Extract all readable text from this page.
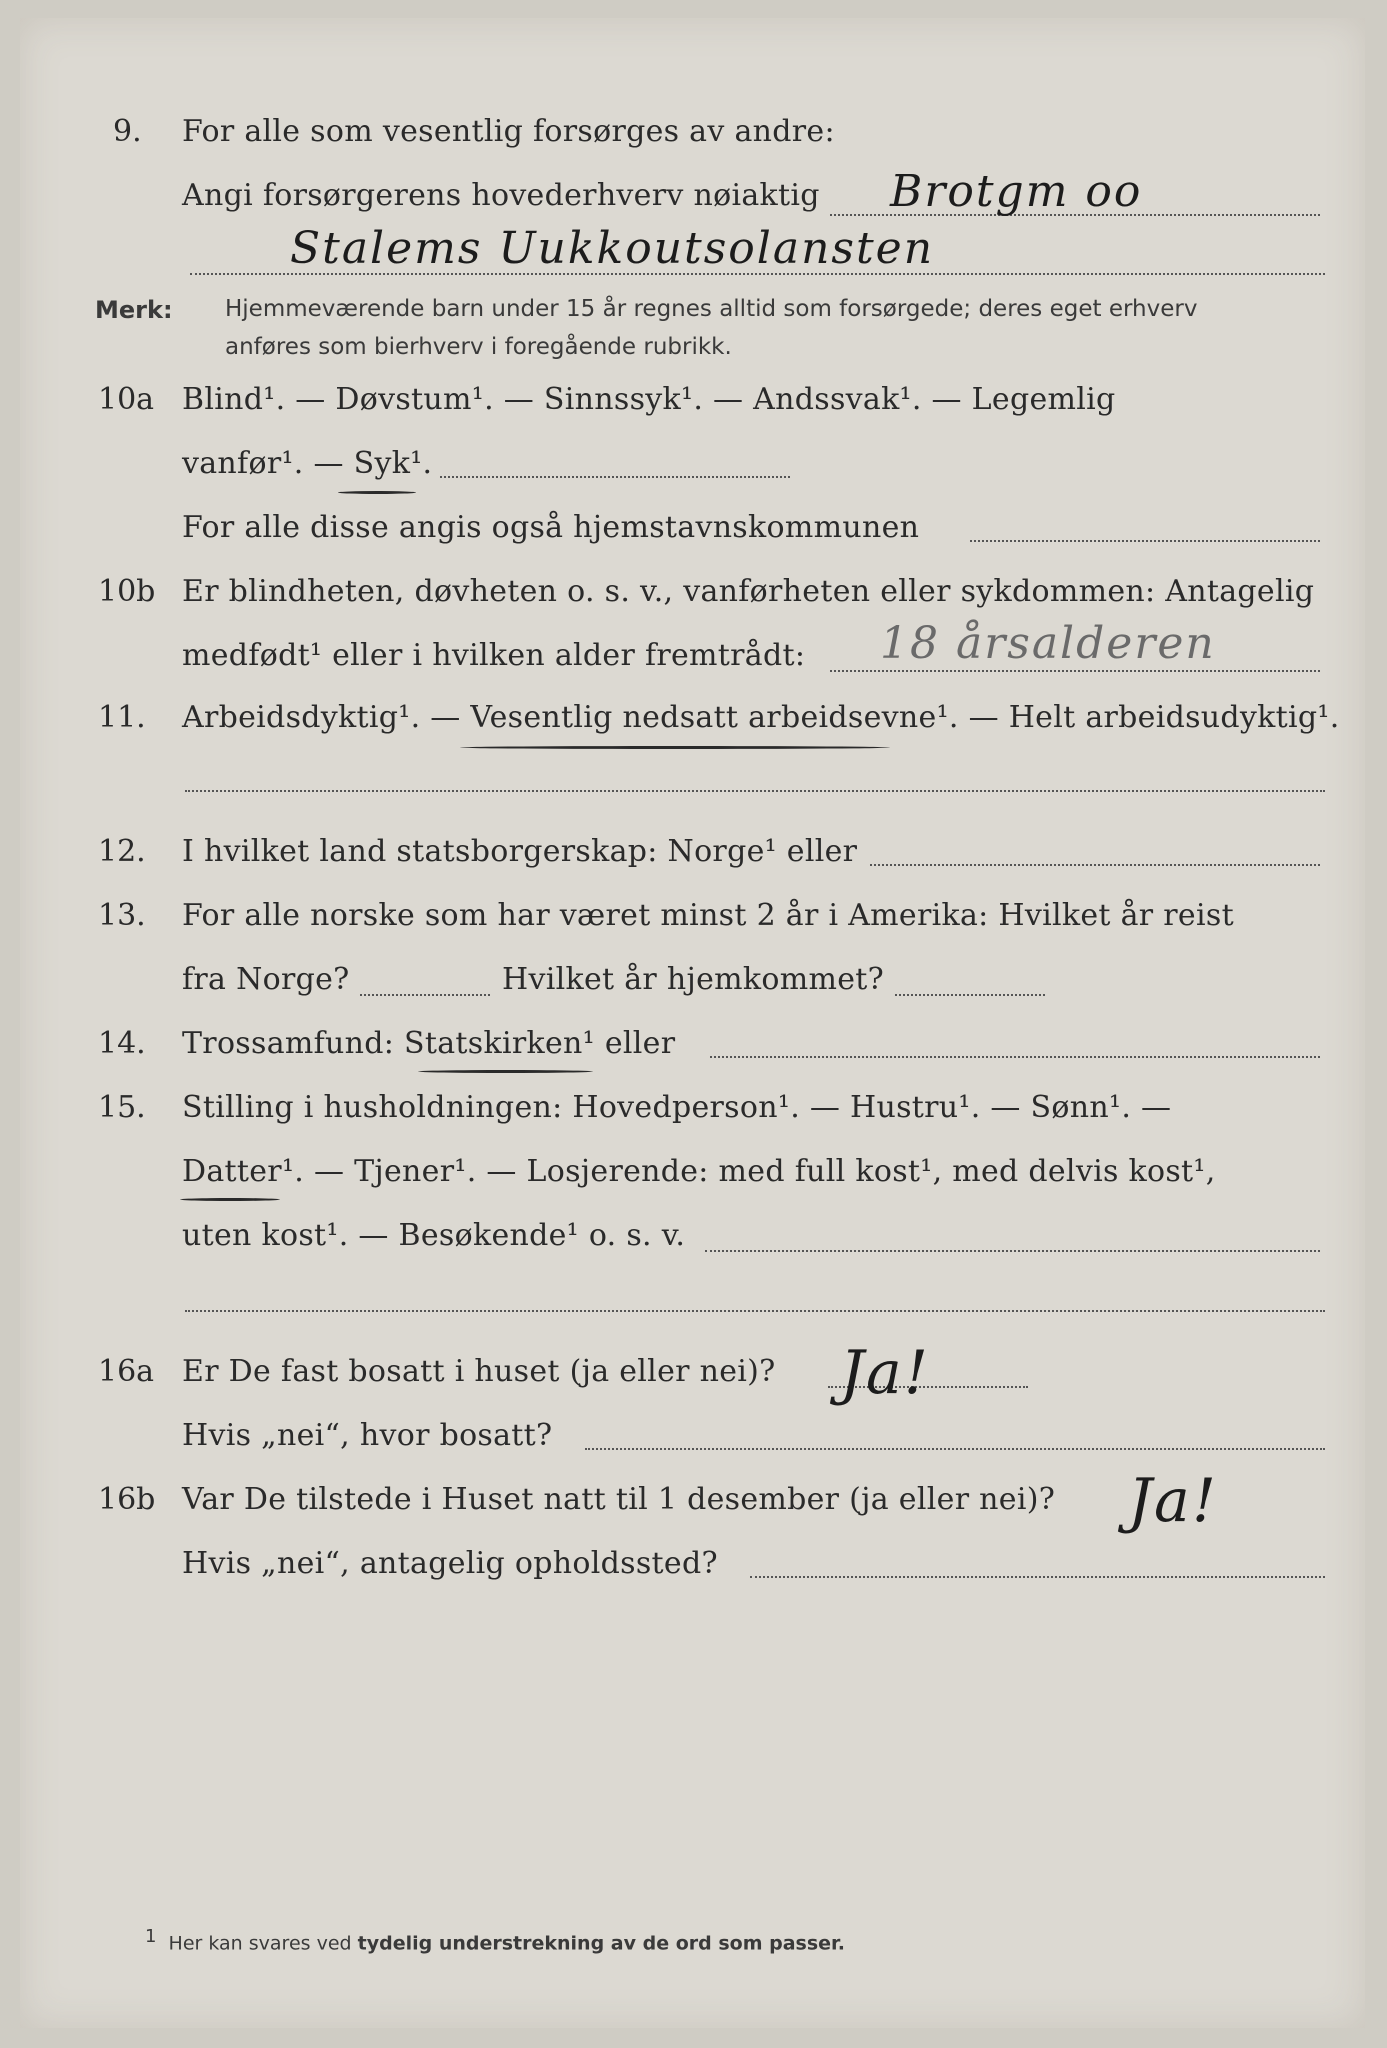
9. For alle som vesentlig forsørges av andre:
Angi forsørgerens hovederhverv nøiaktig Brotgm oo
Stalems Uukkoutsolansten
Merk: Hjemmeværende barn under 15 år regnes alltid som forsørgede; deres eget erhverv
anføres som bierhverv i foregående rubrikk.
10a Blind¹. — Døvstum¹. — Sinnssyk¹. — Andssvak¹. — Legemlig
vanfør¹. — Syk¹.
For alle disse angis også hjemstavnskommunen
10b Er blindheten, døvheten o. s. v., vanførheten eller sykdommen: Antagelig
medfødt¹ eller i hvilken alder fremtrådt: 18 årsalderen
11. Arbeidsdyktig¹. — Vesentlig nedsatt arbeidsevne¹. — Helt arbeidsudyktig¹.
12. I hvilket land statsborgerskap: Norge¹ eller
13. For alle norske som har været minst 2 år i Amerika: Hvilket år reist
fra Norge?	Hvilket år hjemkommet?
14. Trossamfund: Statskirken¹ eller
15. Stilling i husholdningen: Hovedperson¹. — Hustru¹. — Sønn¹. —
Datter¹. — Tjener¹. — Losjerende: med full kost¹, med delvis kost¹,
uten kost¹. — Besøkende¹ o. s. v.
16a Er De fast bosatt i huset (ja eller nei)? Ja!
Hvis „nei“, hvor bosatt?
16b Var De tilstede i Huset natt til 1 desember (ja eller nei)? Ja!
Hvis „nei“, antagelig opholdssted?
$^1$ Her kan svares ved tydelig understrekning av de ord som passer.
